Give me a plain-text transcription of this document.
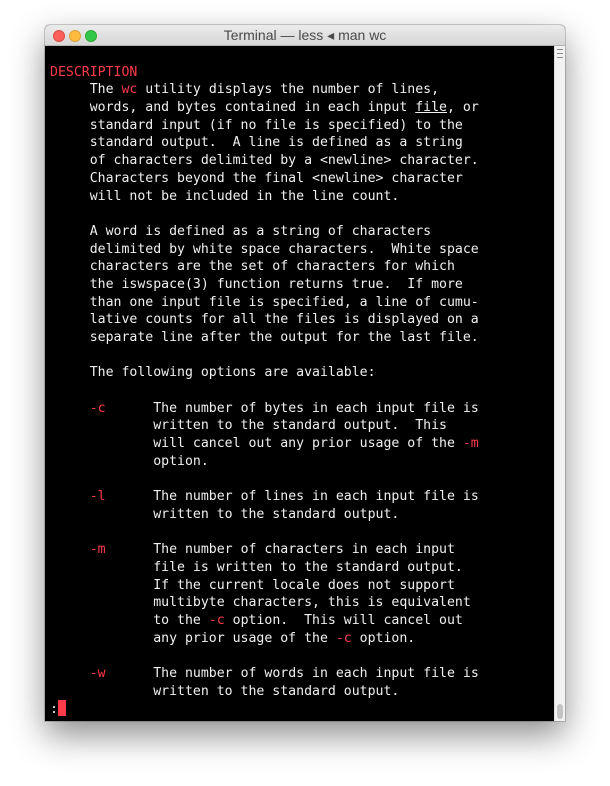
Terminal — less ◂ man wc
DESCRIPTION
The wc utility displays the number of lines,
words, and bytes contained in each input file, or
standard input (if no file is specified) to the
standard output.  A line is defined as a string
of characters delimited by a <newline> character.
Characters beyond the final <newline> character
will not be included in the line count.
A word is defined as a string of characters
delimited by white space characters.  White space
characters are the set of characters for which
the iswspace(3) function returns true.  If more
than one input file is specified, a line of cumu-
lative counts for all the files is displayed on a
separate line after the output for the last file.
The following options are available:
-c      The number of bytes in each input file is
written to the standard output.  This
will cancel out any prior usage of the -m
option.
-l      The number of lines in each input file is
written to the standard output.
-m      The number of characters in each input
file is written to the standard output.
If the current locale does not support
multibyte characters, this is equivalent
to the -c option.  This will cancel out
any prior usage of the -c option.
-w      The number of words in each input file is
written to the standard output.
:
